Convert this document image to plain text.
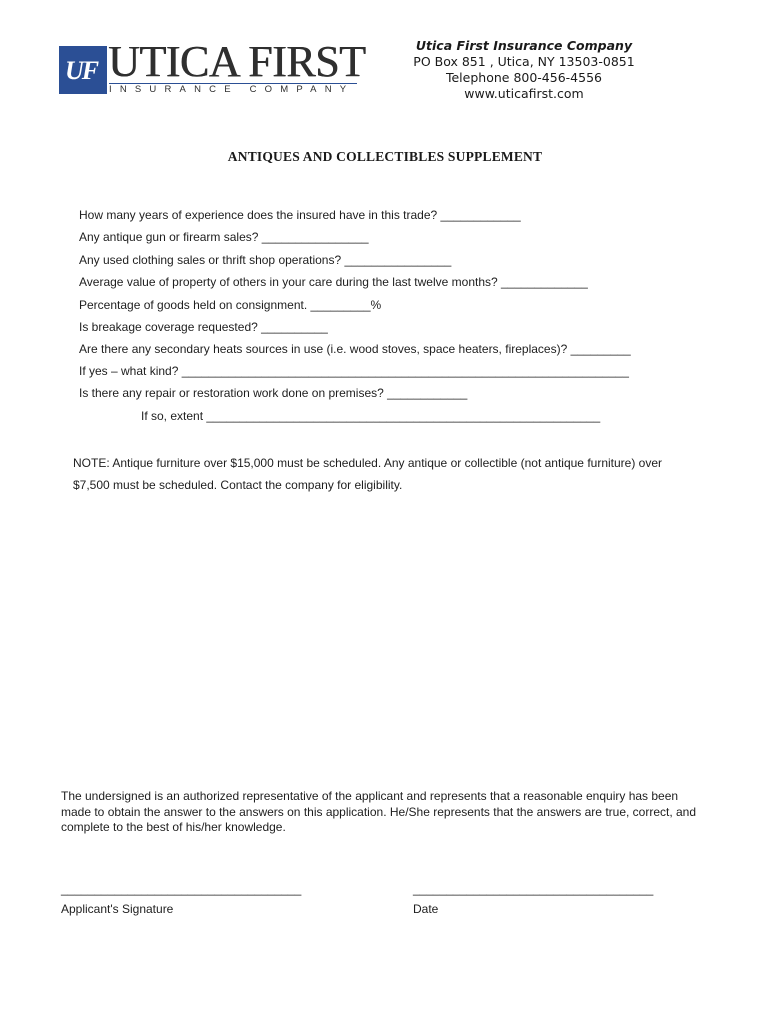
UF UTICA FIRST
INSURANCE COMPANY
Utica First Insurance Company
PO Box 851 , Utica, NY 13503-0851
Telephone 800-456-4556
www.uticafirst.com
ANTIQUES AND COLLECTIBLES SUPPLEMENT
How many years of experience does the insured have in this trade? ____________
Any antique gun or firearm sales? ________________
Any used clothing sales or thrift shop operations? ________________
Average value of property of others in your care during the last twelve months? _____________
Percentage of goods held on consignment. _________%
Is breakage coverage requested? __________
Are there any secondary heats sources in use (i.e. wood stoves, space heaters, fireplaces)? _________
If yes – what kind? ___________________________________________________________________
Is there any repair or restoration work done on premises? ____________
If so, extent ___________________________________________________________
NOTE: Antique furniture over $15,000 must be scheduled. Any antique or collectible (not antique furniture) over
$7,500 must be scheduled. Contact the company for eligibility.
The undersigned is an authorized representative of the applicant and represents that a reasonable enquiry has been made to obtain the answer to the answers on this application. He/She represents that the answers are true, correct, and complete to the best of his/her knowledge.
____________________________________	____________________________________
Applicant's Signature	Date
